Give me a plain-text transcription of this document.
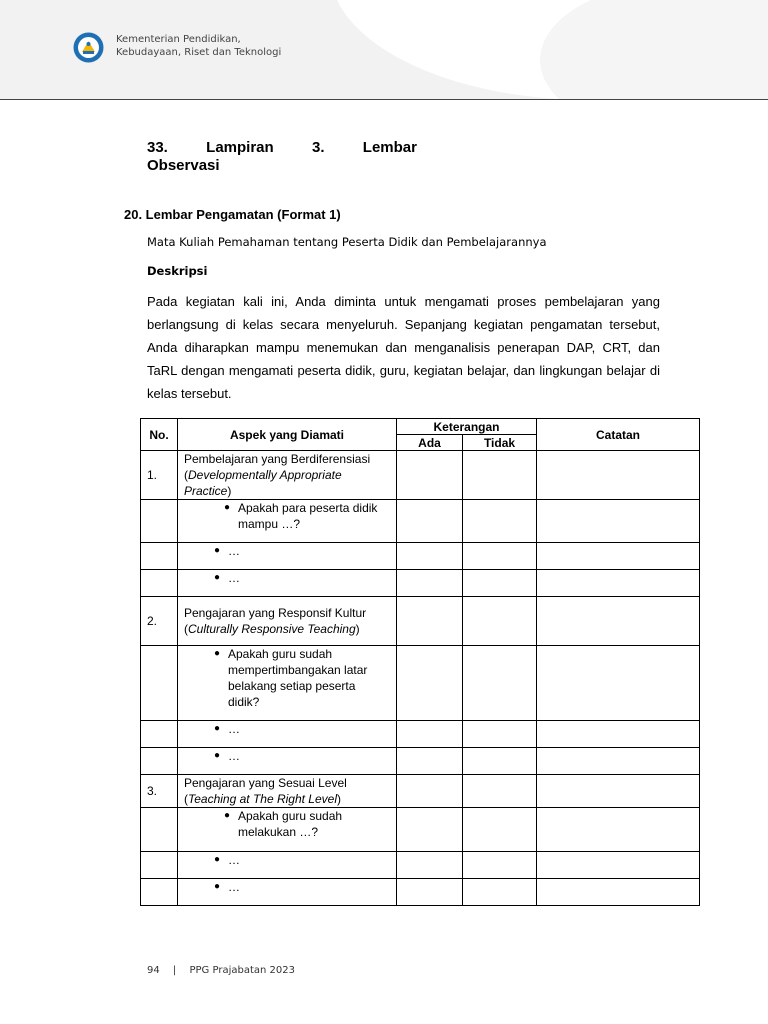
Kementerian Pendidikan,
Kebudayaan, Riset dan Teknologi
33. Lampiran 3. Lembar
Observasi
20. Lembar Pengamatan (Format 1)
Mata Kuliah Pemahaman tentang Peserta Didik dan Pembelajarannya
Deskripsi
Pada kegiatan kali ini, Anda diminta untuk mengamati proses pembelajaran yang berlangsung di kelas secara menyeluruh. Sepanjang kegiatan pengamatan tersebut, Anda diharapkan mampu menemukan dan menganalisis penerapan DAP, CRT, dan TaRL dengan mengamati peserta didik, guru, kegiatan belajar, dan lingkungan belajar di kelas tersebut.
No.	Aspek yang Diamati	Keterangan		Catatan
		Ada	Tidak	
1.	Pembelajaran yang Berdiferensiasi (Developmentally Appropriate Practice)			

	● Apakah para peserta didik mampu …?			

	● …			

	● …			

2.	Pengajaran yang Responsif Kultur (Culturally Responsive Teaching)			

	● Apakah guru sudah mempertimbangakan latar belakang setiap peserta didik?			

	● …			

	● …			

3.	Pengajaran yang Sesuai Level (Teaching at The Right Level)			

	● Apakah guru sudah melakukan …?			

	● …			

	● …			

94 | PPG Prajabatan 2023
